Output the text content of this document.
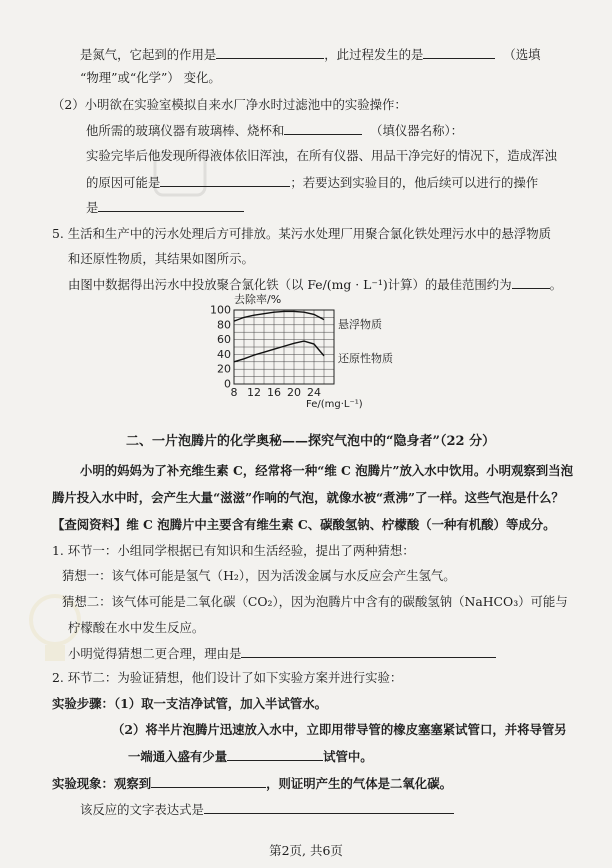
是氮气，它起到的作用是	，此过程发生的是	（选填
“物理”或“化学”） 变化。
（2）小明欲在实验室模拟自来水厂净水时过滤池中的实验操作：
他所需的玻璃仪器有玻璃棒、烧杯和	（填仪器名称）：
实验完毕后他发现所得液体依旧浑浊，在所有仪器、用品干净完好的情况下，造成浑浊
的原因可能是	；若要达到实验目的，他后续可以进行的操作
是
5. 生活和生产中的污水处理后方可排放。某污水处理厂用聚合氯化铁处理污水中的悬浮物质
和还原性物质，其结果如图所示。
由图中数据得出污水中投放聚合氯化铁（以 Fe/(mg · L⁻¹)计算）的最佳范围约为	。
0
20
40
60
80
100
8 12 16 20 24
去除率/%
Fe/(mg·L⁻¹)
悬浮物质
还原性物质
二、一片泡腾片的化学奥秘——探究气泡中的“隐身者”（22 分）
小明的妈妈为了补充维生素 C，经常将一种“维 C 泡腾片”放入水中饮用。小明观察到当泡
腾片投入水中时，会产生大量“滋滋”作响的气泡，就像水被“煮沸”了一样。这些气泡是什么？
【查阅资料】维 C 泡腾片中主要含有维生素 C、碳酸氢钠、柠檬酸（一种有机酸）等成分。
1. 环节一：小组同学根据已有知识和生活经验，提出了两种猜想：
猜想一：该气体可能是氢气（H₂），因为活泼金属与水反应会产生氢气。
猜想二：该气体可能是二氧化碳（CO₂），因为泡腾片中含有的碳酸氢钠（NaHCO₃）可能与
柠檬酸在水中发生反应。
小明觉得猜想二更合理，理由是
2. 环节二：为验证猜想，他们设计了如下实验方案并进行实验：
实验步骤：（1）取一支洁净试管，加入半试管水。
（2）将半片泡腾片迅速放入水中，立即用带导管的橡皮塞塞紧试管口，并将导管另
一端通入盛有少量	试管中。
实验现象：观察到	，则证明产生的气体是二氧化碳。
该反应的文字表达式是
第2页, 共6页
